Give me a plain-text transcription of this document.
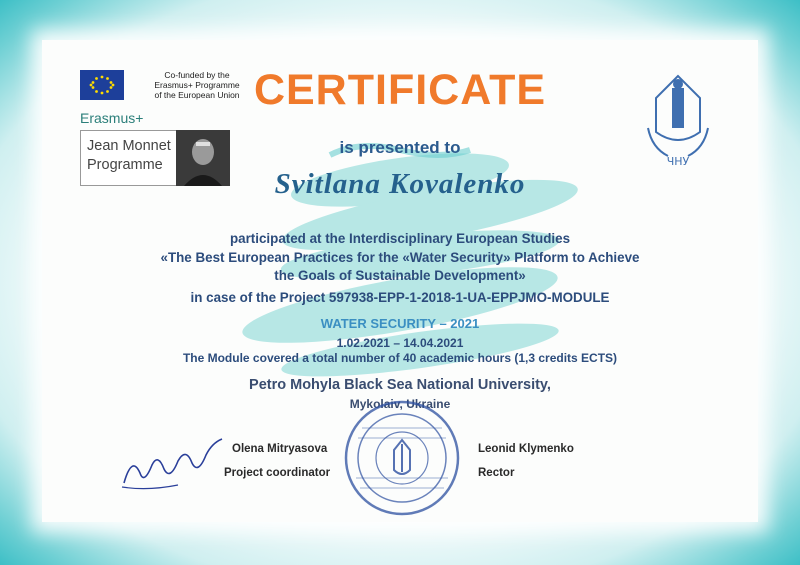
Co-funded by the
Erasmus+ Programme
of the European Union
Erasmus+
Jean Monnet
Programme	ЧНУ
CERTIFICATE
is presented to
Svitlana Kovalenko
participated at the Interdisciplinary European Studies
«The Best European Practices for the «Water Security» Platform to Achieve
the Goals of Sustainable Development»
in case of the Project 597938-EPP-1-2018-1-UA-EPPJMO-MODULE
WATER SECURITY – 2021
1.02.2021 – 14.04.2021
The Module covered a total number of 40 academic hours (1,3 credits ECTS)
Petro Mohyla Black Sea National University,
Mykolaiv, Ukraine
Olena Mitryasova
Project coordinator
Leonid Klymenko
Rector
